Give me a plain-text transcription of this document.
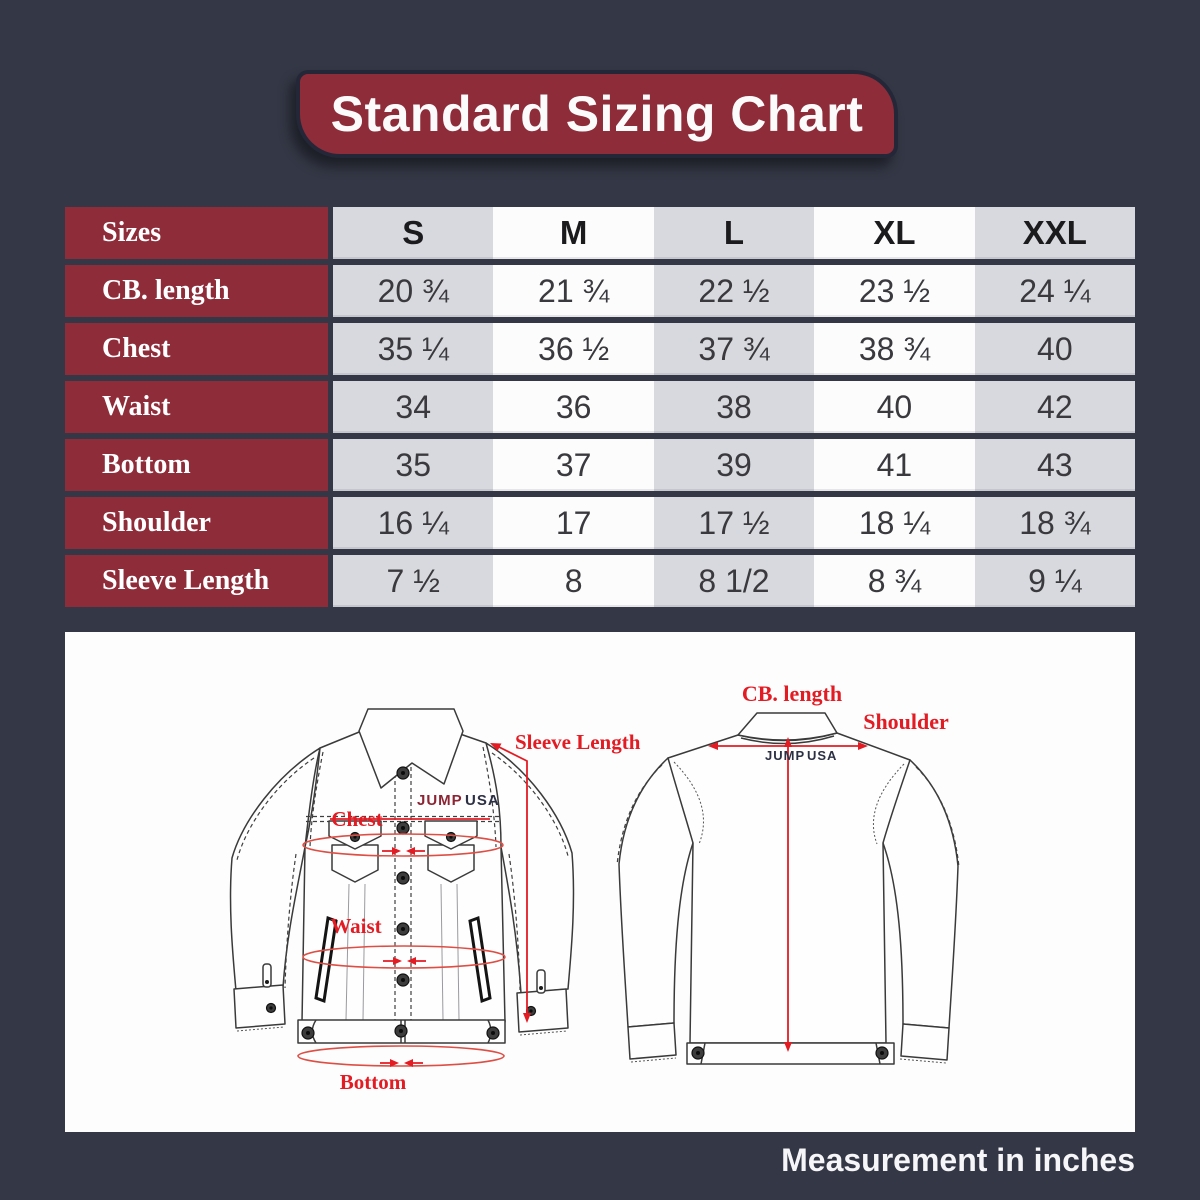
Standard Sizing Chart
Sizes	S	M	L	XL	XXL
CB. length	20 ¾	21 ¾	22 ½	23 ½	24 ¼
Chest	35 ¼	36 ½	37 ¾	38 ¾	40
Waist	34	36	38	40	42
Bottom	35	37	39	41	43
Shoulder	16 ¼	17	17 ½	18 ¼	18 ¾
Sleeve Length	7 ½	8	8 1/2	8 ¾	9 ¼
JUMP USA
Chest
Waist
Bottom
Sleeve Length
JUMP USA
CB. length
Shoulder
Measurement in inches
